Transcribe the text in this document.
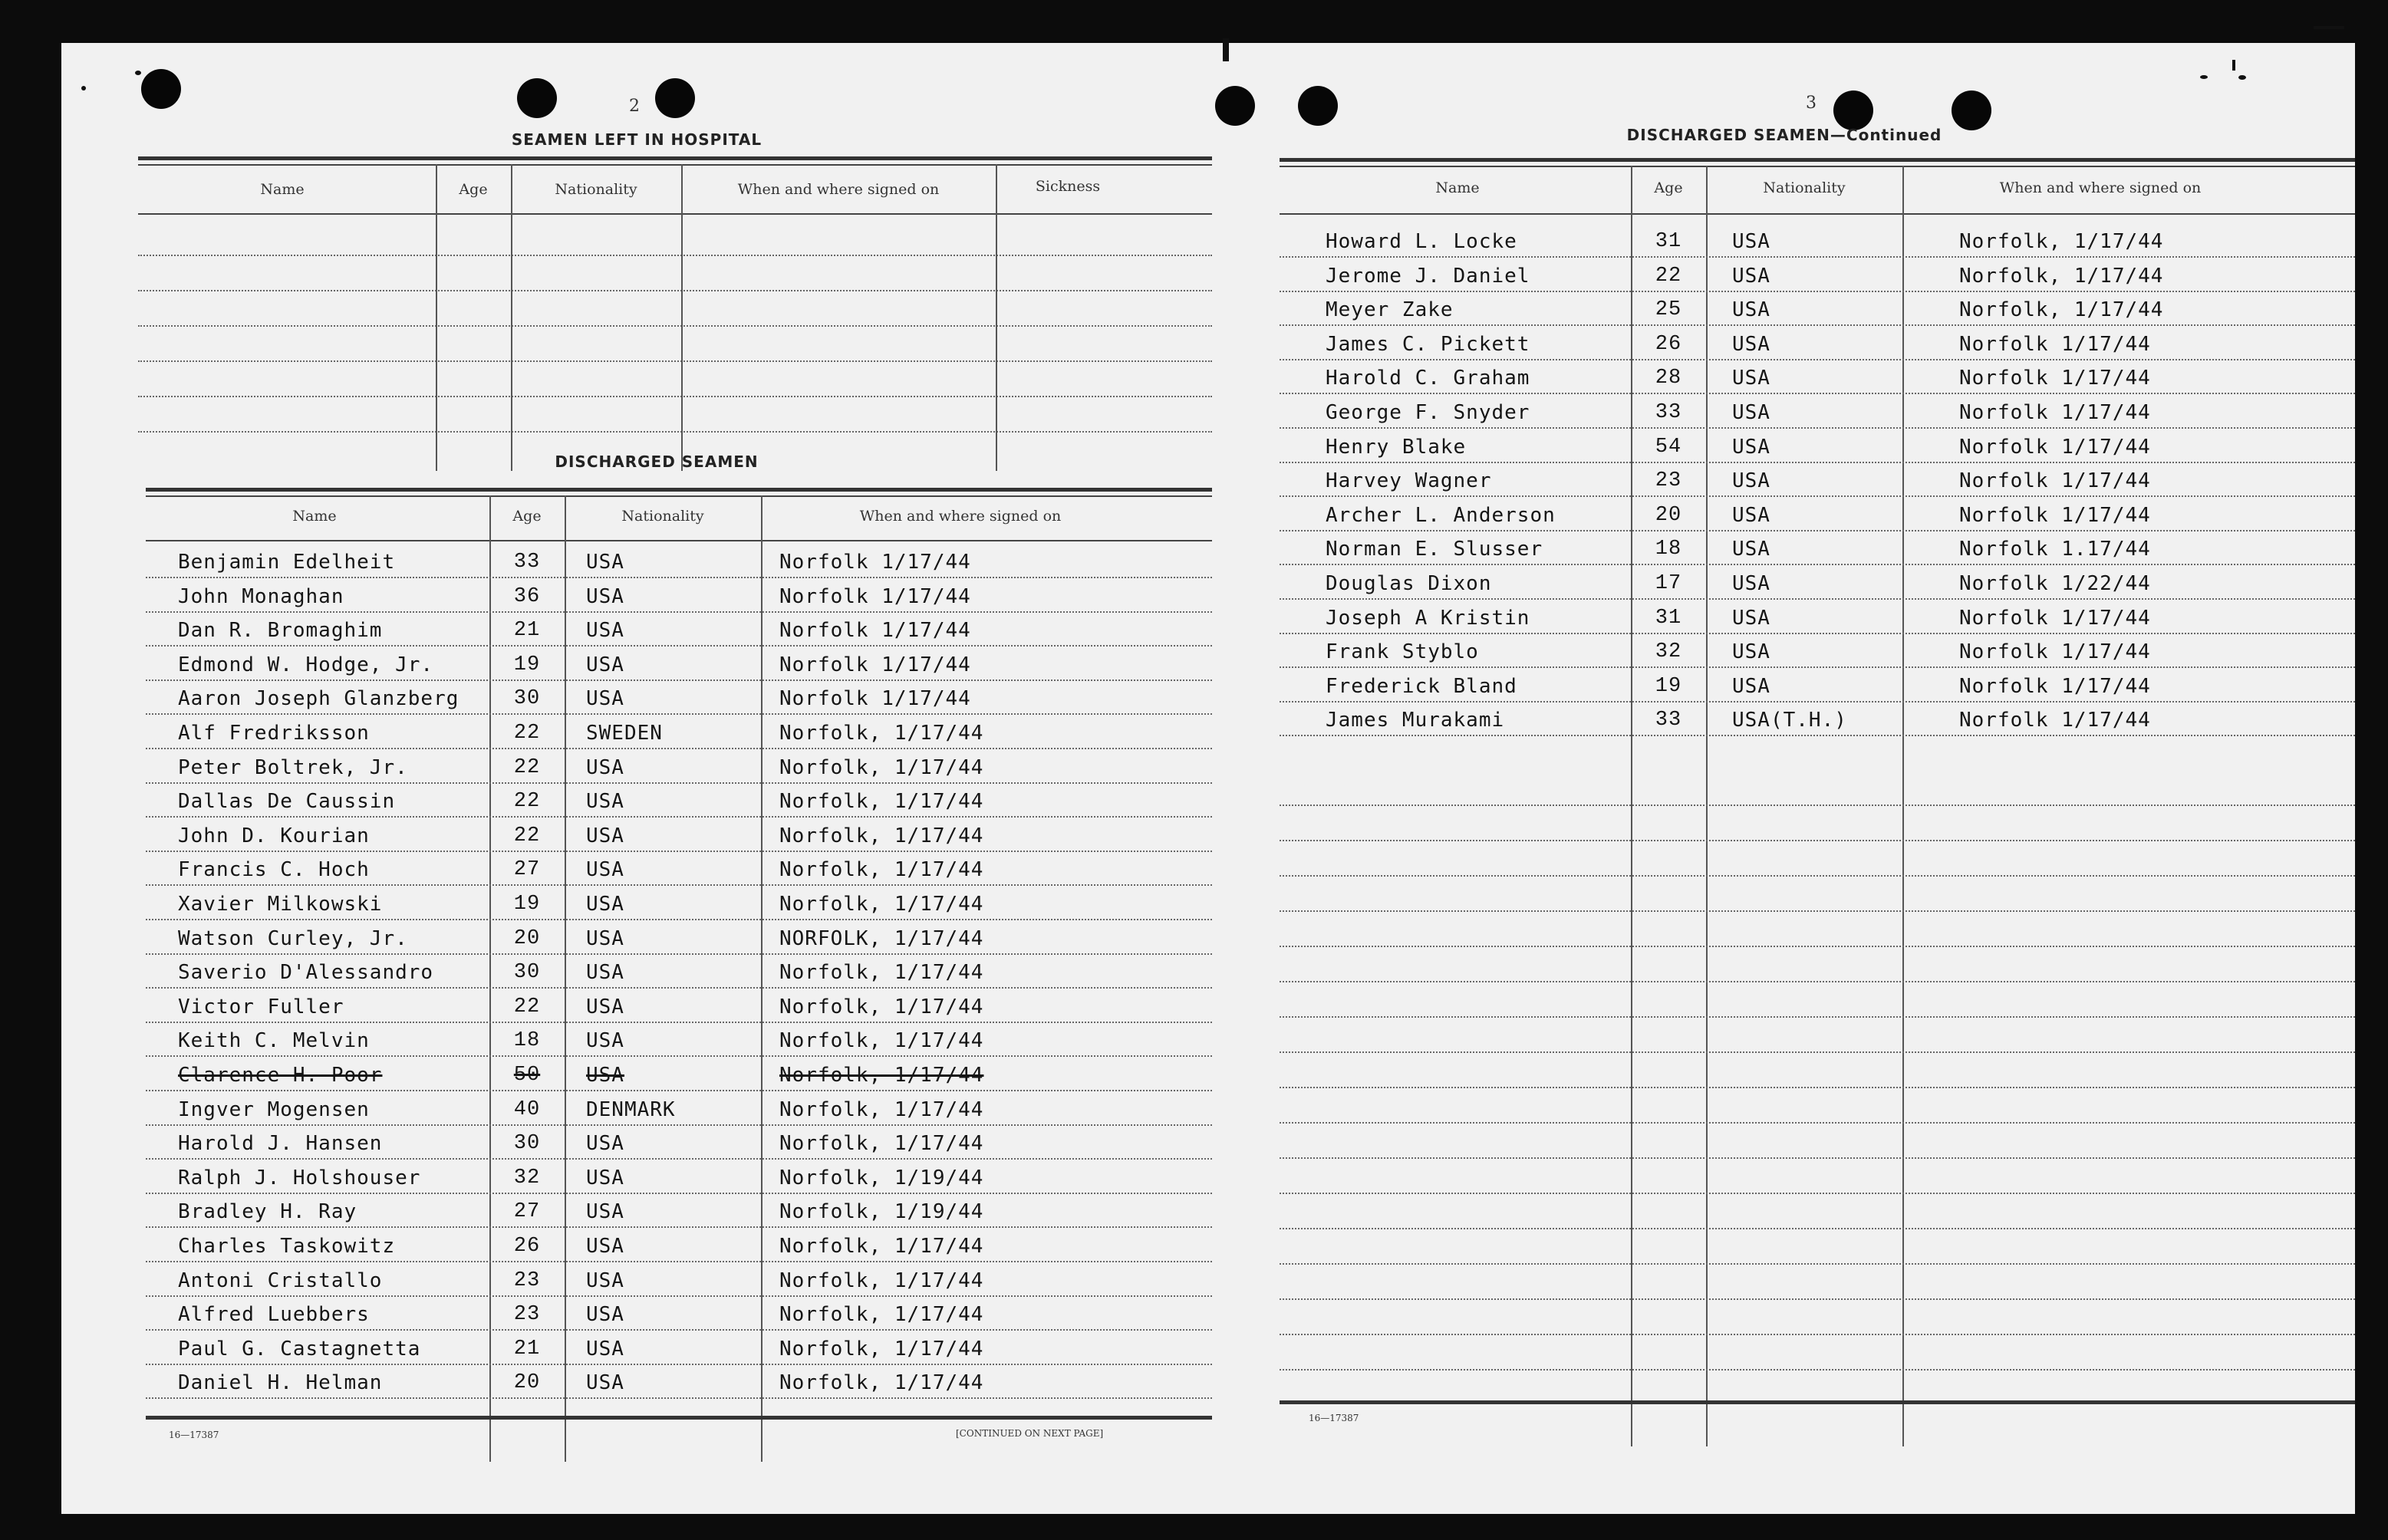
2
SEAMEN LEFT IN HOSPITAL
Name	Age	Nationality	When and where signed on	Sickness
DISCHARGED SEAMEN
Name	Age	Nationality	When and where signed on
Benjamin Edelheit	33 USA	Norfolk 1/17/44
John Monaghan	36 USA	Norfolk 1/17/44
Dan R. Bromaghim	21 USA	Norfolk 1/17/44
Edmond W. Hodge, Jr.	19 USA	Norfolk 1/17/44
Aaron Joseph Glanzberg	30 USA	Norfolk 1/17/44
Alf Fredriksson	22 SWEDEN	Norfolk, 1/17/44
Peter Boltrek, Jr.	22 USA	Norfolk, 1/17/44
Dallas De Caussin	22 USA	Norfolk, 1/17/44
John D. Kourian	22 USA	Norfolk, 1/17/44
Francis C. Hoch	27 USA	Norfolk, 1/17/44
Xavier Milkowski	19 USA	Norfolk, 1/17/44
Watson Curley, Jr.	20 USA	NORFOLK, 1/17/44
Saverio D'Alessandro	30 USA	Norfolk, 1/17/44
Victor Fuller	22 USA	Norfolk, 1/17/44
Keith C. Melvin	18 USA	Norfolk, 1/17/44
Clarence H. Poor	50 USA	Norfolk, 1/17/44
Ingver Mogensen	40 DENMARK	Norfolk, 1/17/44
Harold J. Hansen	30 USA	Norfolk, 1/17/44
Ralph J. Holshouser	32 USA	Norfolk, 1/19/44
Bradley H. Ray	27 USA	Norfolk, 1/19/44
Charles Taskowitz	26 USA	Norfolk, 1/17/44
Antoni Cristallo	23 USA	Norfolk, 1/17/44
Alfred Luebbers	23 USA	Norfolk, 1/17/44
Paul G. Castagnetta	21 USA	Norfolk, 1/17/44
Daniel H. Helman	20 USA	Norfolk, 1/17/44
16—17387	[CONTINUED ON NEXT PAGE]
3
DISCHARGED SEAMEN—Continued
Name	Age	Nationality	When and where signed on
Howard L. Locke	31	USA	Norfolk, 1/17/44
Jerome J. Daniel	22	USA	Norfolk, 1/17/44
Meyer Zake	25	USA	Norfolk, 1/17/44
James C. Pickett	26	USA	Norfolk 1/17/44
Harold C. Graham	28	USA	Norfolk 1/17/44
George F. Snyder	33	USA	Norfolk 1/17/44
Henry Blake	54	USA	Norfolk 1/17/44
Harvey Wagner	23	USA	Norfolk 1/17/44
Archer L. Anderson	20	USA	Norfolk 1/17/44
Norman E. Slusser	18	USA	Norfolk 1.17/44
Douglas Dixon	17	USA	Norfolk 1/22/44
Joseph A Kristin	31	USA	Norfolk 1/17/44
Frank Styblo	32	USA	Norfolk 1/17/44
Frederick Bland	19	USA	Norfolk 1/17/44
James Murakami	33	USA(T.H.)	Norfolk 1/17/44
16—17387
